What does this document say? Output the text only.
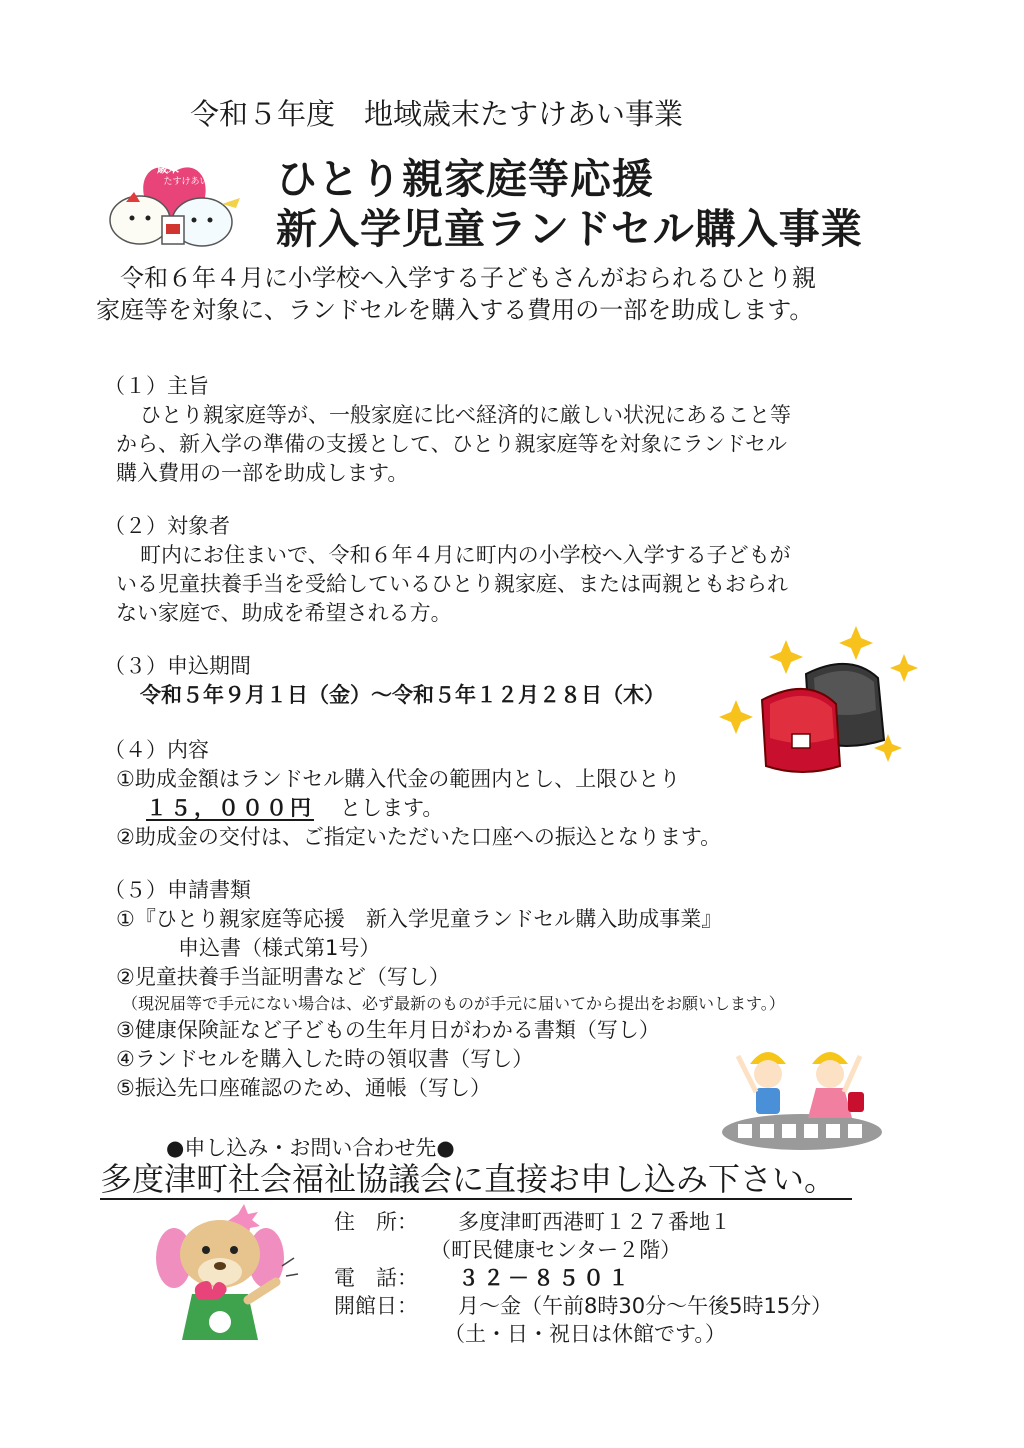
令和５年度　地域歳末たすけあい事業
歳末
たすけあい ひとり親家庭等応援
新入学児童ランドセル購入事業
　令和６年４月に小学校へ入学する子どもさんがおられるひとり親
家庭等を対象に、ランドセルを購入する費用の一部を助成します。
（１）主旨
ひとり親家庭等が、一般家庭に比べ経済的に厳しい状況にあること等
から、新入学の準備の支援として、ひとり親家庭等を対象にランドセル
購入費用の一部を助成します。
（２）対象者
町内にお住まいで、令和６年４月に町内の小学校へ入学する子どもが
いる児童扶養手当を受給しているひとり親家庭、または両親ともおられ
ない家庭で、助成を希望される方。
（３）申込期間
令和５年９月１日（金）～令和５年１２月２８日（木）
（４）内容
①助成金額はランドセル購入代金の範囲内とし、上限ひとり
１５，０００円 とします。
②助成金の交付は、ご指定いただいた口座への振込となります。
（５）申請書類
①『ひとり親家庭等応援　新入学児童ランドセル購入助成事業』
申込書（様式第1号）
②児童扶養手当証明書など（写し）
（現況届等で手元にない場合は、必ず最新のものが手元に届いてから提出をお願いします。）
③健康保険証など子どもの生年月日がわかる書類（写し）
④ランドセルを購入した時の領収書（写し）
⑤振込先口座確認のため、通帳（写し）
●申し込み・お問い合わせ先●
多度津町社会福祉協議会に直接お申し込み下さい。
住　所： 多度津町西港町１２７番地１
（町民健康センター２階）
電　話： ３２－８５０１
開館日： 月～金（午前8時30分～午後5時15分）
（土・日・祝日は休館です。）
